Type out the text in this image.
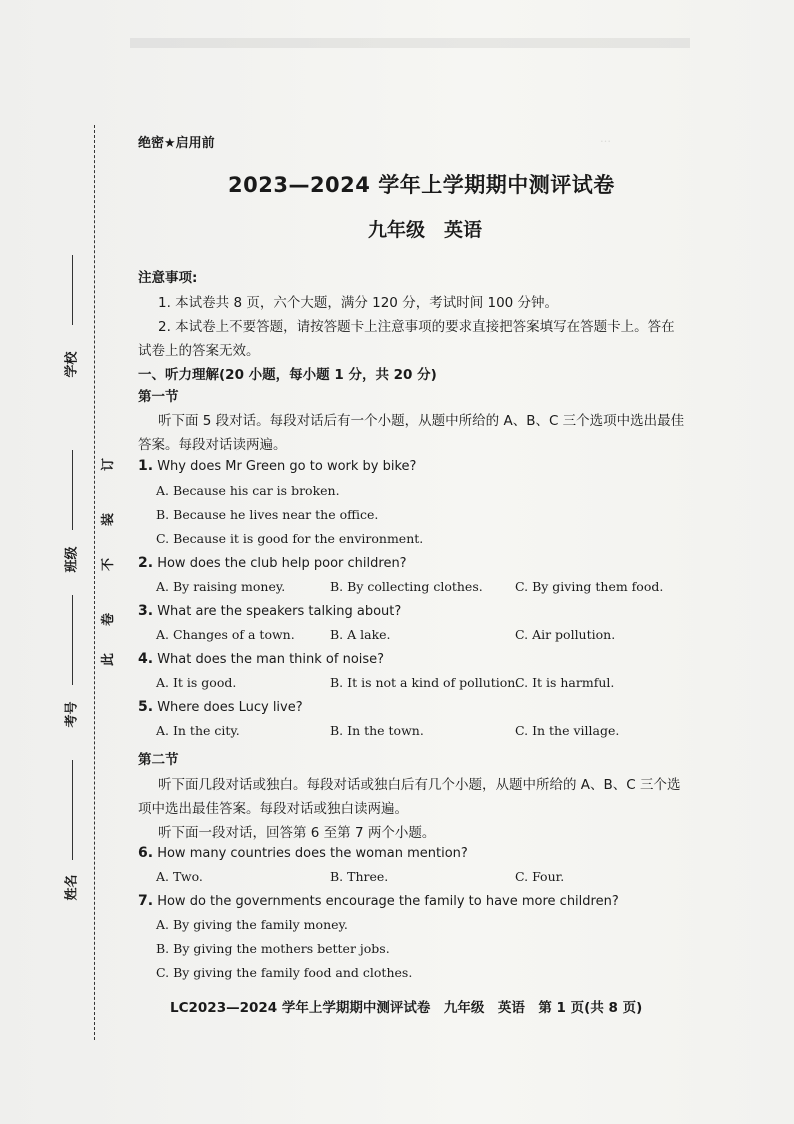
…
学校
班级
考号
姓名
订
装
不
卷
此
绝密★启用前
2023—2024 学年上学期期中测评试卷
九年级　英语
注意事项:
1. 本试卷共 8 页，六个大题，满分 120 分，考试时间 100 分钟。
2. 本试卷上不要答题，请按答题卡上注意事项的要求直接把答案填写在答题卡上。答在
试卷上的答案无效。
一、听力理解(20 小题，每小题 1 分，共 20 分)
第一节
听下面 5 段对话。每段对话后有一个小题，从题中所给的 A、B、C 三个选项中选出最佳
答案。每段对话读两遍。
1. Why does Mr Green go to work by bike?
A. Because his car is broken.
B. Because he lives near the office.
C. Because it is good for the environment.
2. How does the club help poor children?
A. By raising money.	B. By collecting clothes.	C. By giving them food.
3. What are the speakers talking about?
A. Changes of a town.	B. A lake.	C. Air pollution.
4. What does the man think of noise?
A. It is good.	B. It is not a kind of pollution.
C. It is harmful.
5. Where does Lucy live?
A. In the city.	B. In the town.	C. In the village.
第二节
听下面几段对话或独白。每段对话或独白后有几个小题，从题中所给的 A、B、C 三个选
项中选出最佳答案。每段对话或独白读两遍。
听下面一段对话，回答第 6 至第 7 两个小题。
6. How many countries does the woman mention?
A. Two.	B. Three.	C. Four.
7. How do the governments encourage the family to have more children?
A. By giving the family money.
B. By giving the mothers better jobs.
C. By giving the family food and clothes.
LC2023—2024 学年上学期期中测评试卷　九年级　英语　第 1 页(共 8 页)
